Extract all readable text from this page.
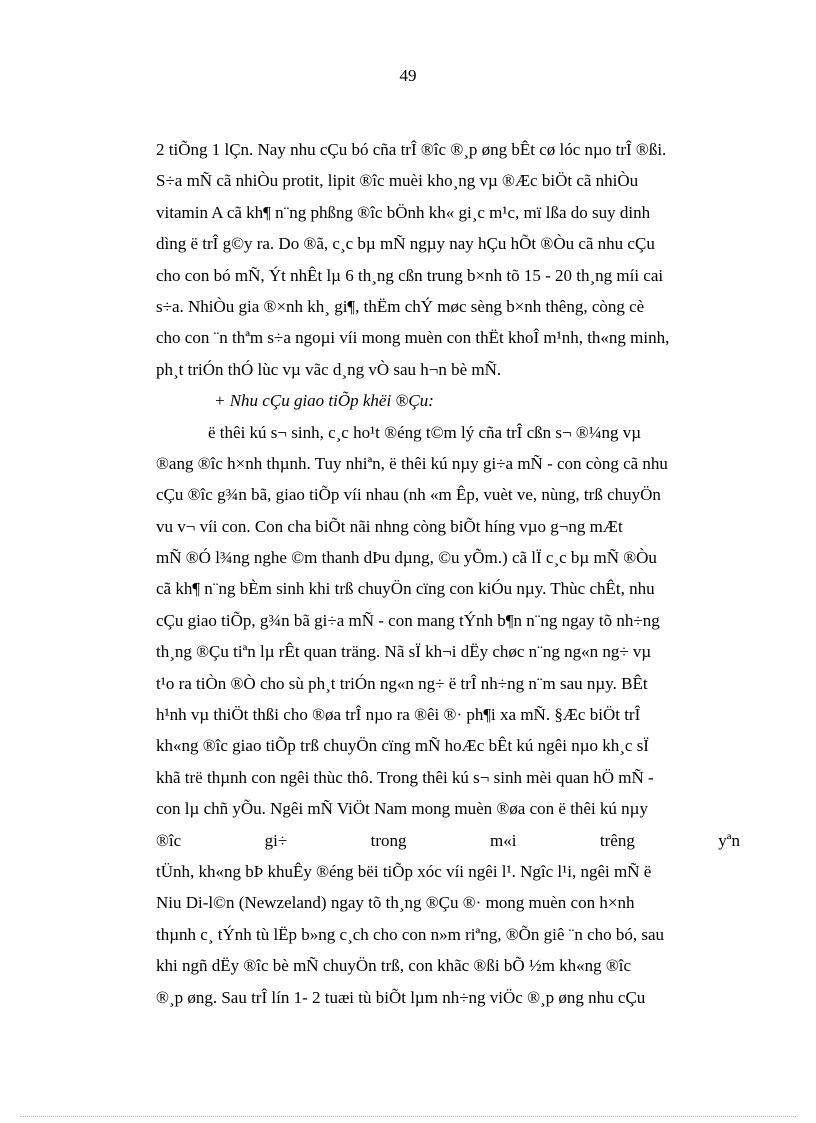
49
2 tiÕng 1 lÇn. Nay nhu cÇu bó cña trÎ ®îc ®¸p øng bÊt cø lóc nµo trÎ ®ßi.
S÷a mÑ cã nhiÒu protit, lipit ®îc muèi kho¸ng vµ ®Æc biÖt cã nhiÒu
vitamin A cã kh¶ n¨ng phßng ®îc bÖnh kh« gi¸c m¹c, mï lßa do suy dinh
dìng ë trÎ g©y ra. Do ®ã, c¸c bµ mÑ ngµy nay hÇu hÕt ®Òu cã nhu cÇu
cho con bó mÑ, Ýt nhÊt lµ 6 th¸ng cßn trung b×nh tõ 15 - 20 th¸ng míi cai
s÷a. NhiÒu gia ®×nh kh¸ gi¶, thËm chÝ møc sèng b×nh thêng, còng cè
cho con ¨n thªm s÷a ngoµi víi mong muèn con thËt khoÎ m¹nh, th«ng minh,
ph¸t triÓn thÓ lùc vµ vãc d¸ng vÒ sau h¬n bè mÑ.
+ Nhu cÇu giao tiÕp khëi ®Çu:
ë thêi kú s¬ sinh, c¸c ho¹t ®éng t©m lý cña trÎ cßn s¬ ®¼ng vµ
®ang ®îc h×nh thµnh. Tuy nhiªn, ë thêi kú nµy gi÷a mÑ - con còng cã nhu
cÇu ®îc g¾n bã, giao tiÕp víi nhau (nh «m Êp, vuèt ve, nùng, trß chuyÖn
vu v¬ víi con. Con cha biÕt nãi nhng còng biÕt híng vµo g¬ng mÆt
mÑ ®Ó l¾ng nghe ©m thanh dÞu dµng, ©u yÕm.) cã lÏ c¸c bµ mÑ ®Òu
cã kh¶ n¨ng bÈm sinh khi trß chuyÖn cïng con kiÓu nµy. Thùc chÊt, nhu
cÇu giao tiÕp, g¾n bã gi÷a mÑ - con mang tÝnh b¶n n¨ng ngay tõ nh÷ng
th¸ng ®Çu tiªn lµ rÊt quan träng. Nã sÏ kh¬i dËy chøc n¨ng ng«n ng÷ vµ
t¹o ra tiÒn ®Ò cho sù ph¸t triÓn ng«n ng÷ ë trÎ nh÷ng n¨m sau nµy. BÊt
h¹nh vµ thiÖt thßi cho ®øa trÎ nµo ra ®êi ®· ph¶i xa mÑ. §Æc biÖt trÎ
kh«ng ®îc giao tiÕp trß chuyÖn cïng mÑ hoÆc bÊt kú ngêi nµo kh¸c sÏ
khã trë thµnh con ngêi thùc thô. Trong thêi kú s¬ sinh mèi quan hÖ mÑ -
con lµ chñ yÕu. Ngêi mÑ ViÖt Nam mong muèn ®øa con ë thêi kú nµy
®îc	gi÷	trong	m«i	trêng	yªn
tÜnh, kh«ng bÞ khuÊy ®éng bëi tiÕp xóc víi ngêi l¹. Ngîc l¹i, ngêi mÑ ë
Niu Di-l©n (Newzeland) ngay tõ th¸ng ®Çu ®· mong muèn con h×nh
thµnh c¸ tÝnh tù lËp b»ng c¸ch cho con n»m riªng, ®Õn giê ¨n cho bó, sau
khi ngñ dËy ®îc bè mÑ chuyÖn trß, con khãc ®ßi bÕ ½m kh«ng ®îc
®¸p øng. Sau trÎ lín 1- 2 tuæi tù biÕt lµm nh÷ng viÖc ®¸p øng nhu cÇu
